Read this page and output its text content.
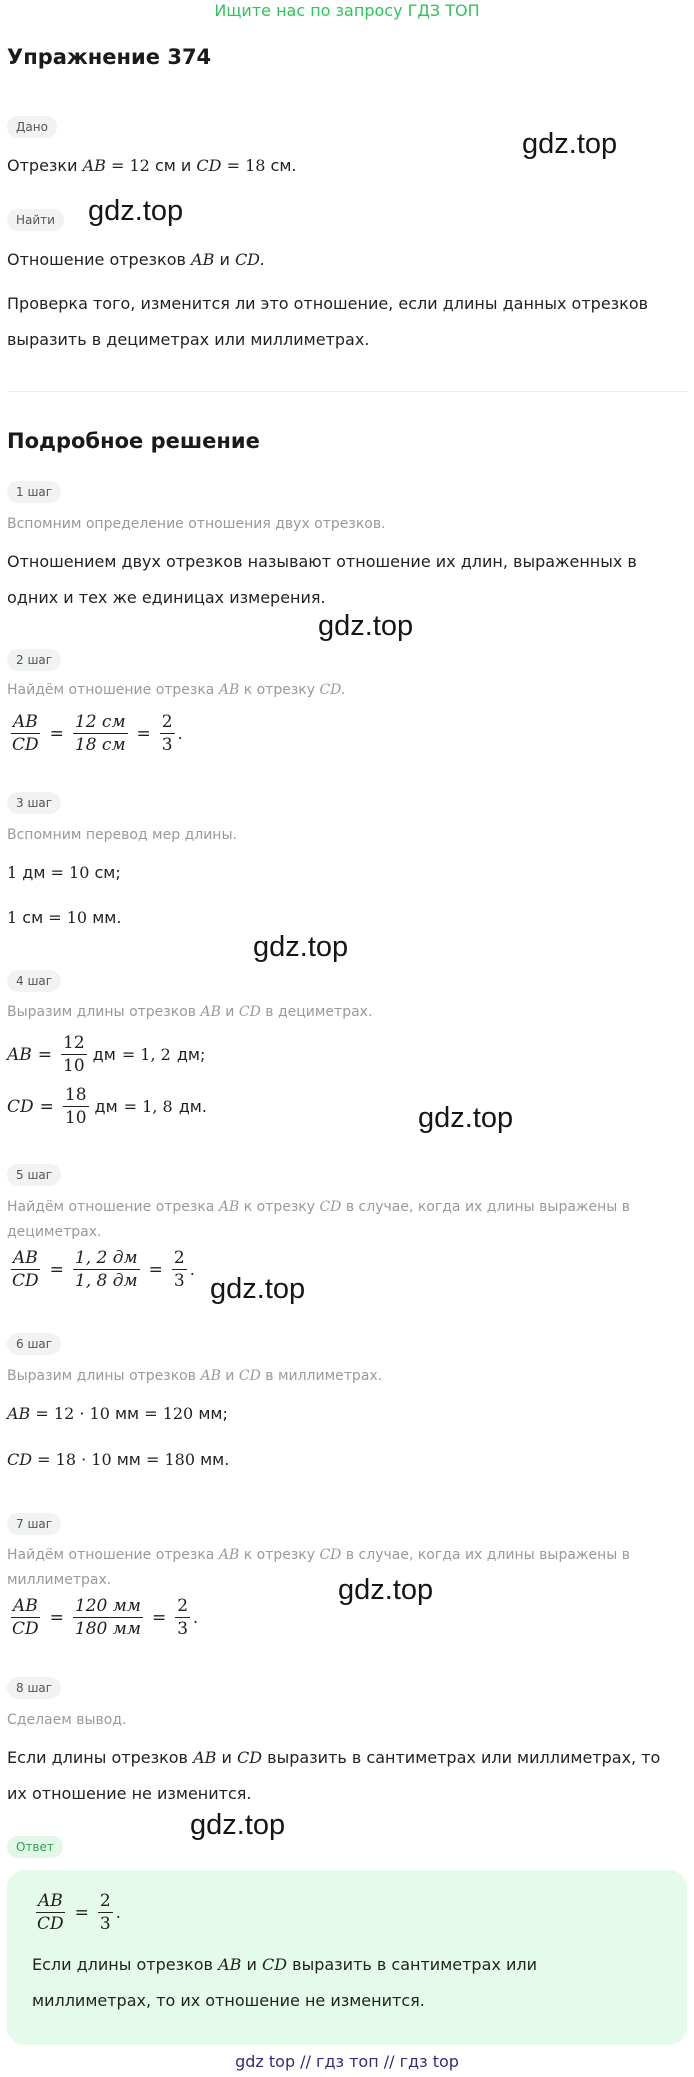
Ищите нас по запросу ГДЗ ТОП
Упражнение 374
Дано
Отрезки AB = 12 см и CD = 18 см.
Найти
Отношение отрезков AB и CD.
Проверка того, изменится ли это отношение, если длины данных отрезков
выразить в дециметрах или миллиметрах.
Подробное решение
1 шаг
Вспомним определение отношения двух отрезков.
Отношением двух отрезков называют отношение их длин, выраженных в
одних и тех же единицах измерения.
2 шаг
Найдём отношение отрезка AB к отрезку CD.
$\frac{AB}{CD} = \frac{12 см}{18 см} = \frac{2}{3}$ .
3 шаг
Вспомним перевод мер длины.
1 дм = 10 см;
1 см = 10 мм.
4 шаг
Выразим длины отрезков AB и CD в дециметрах.
AB = $\frac{12}{10}$ дм = 1, 2 дм;
CD = $\frac{18}{10}$ дм = 1, 8 дм.
5 шаг
Найдём отношение отрезка AB к отрезку CD в случае, когда их длины выражены в
дециметрах.
$\frac{AB}{CD} = \frac{1, 2 дм}{1, 8 дм} = \frac{2}{3}$ .
6 шаг
Выразим длины отрезков AB и CD в миллиметрах.
AB = 12 · 10 мм = 120 мм;
CD = 18 · 10 мм = 180 мм.
7 шаг
Найдём отношение отрезка AB к отрезку CD в случае, когда их длины выражены в
миллиметрах.
$\frac{AB}{CD} = \frac{120 мм}{180 мм} = \frac{2}{3}$ .
8 шаг
Сделаем вывод.
Если длины отрезков AB и CD выразить в сантиметрах или миллиметрах, то
их отношение не изменится.
Ответ
$\frac{AB}{CD} = \frac{2}{3}$ .
Если длины отрезков AB и CD выразить в сантиметрах или
миллиметрах, то их отношение не изменится.
gdz.top
gdz.top
gdz.top
gdz.top
gdz.top
gdz.top
gdz.top
gdz.top
gdz top // гдз топ // гдз top
